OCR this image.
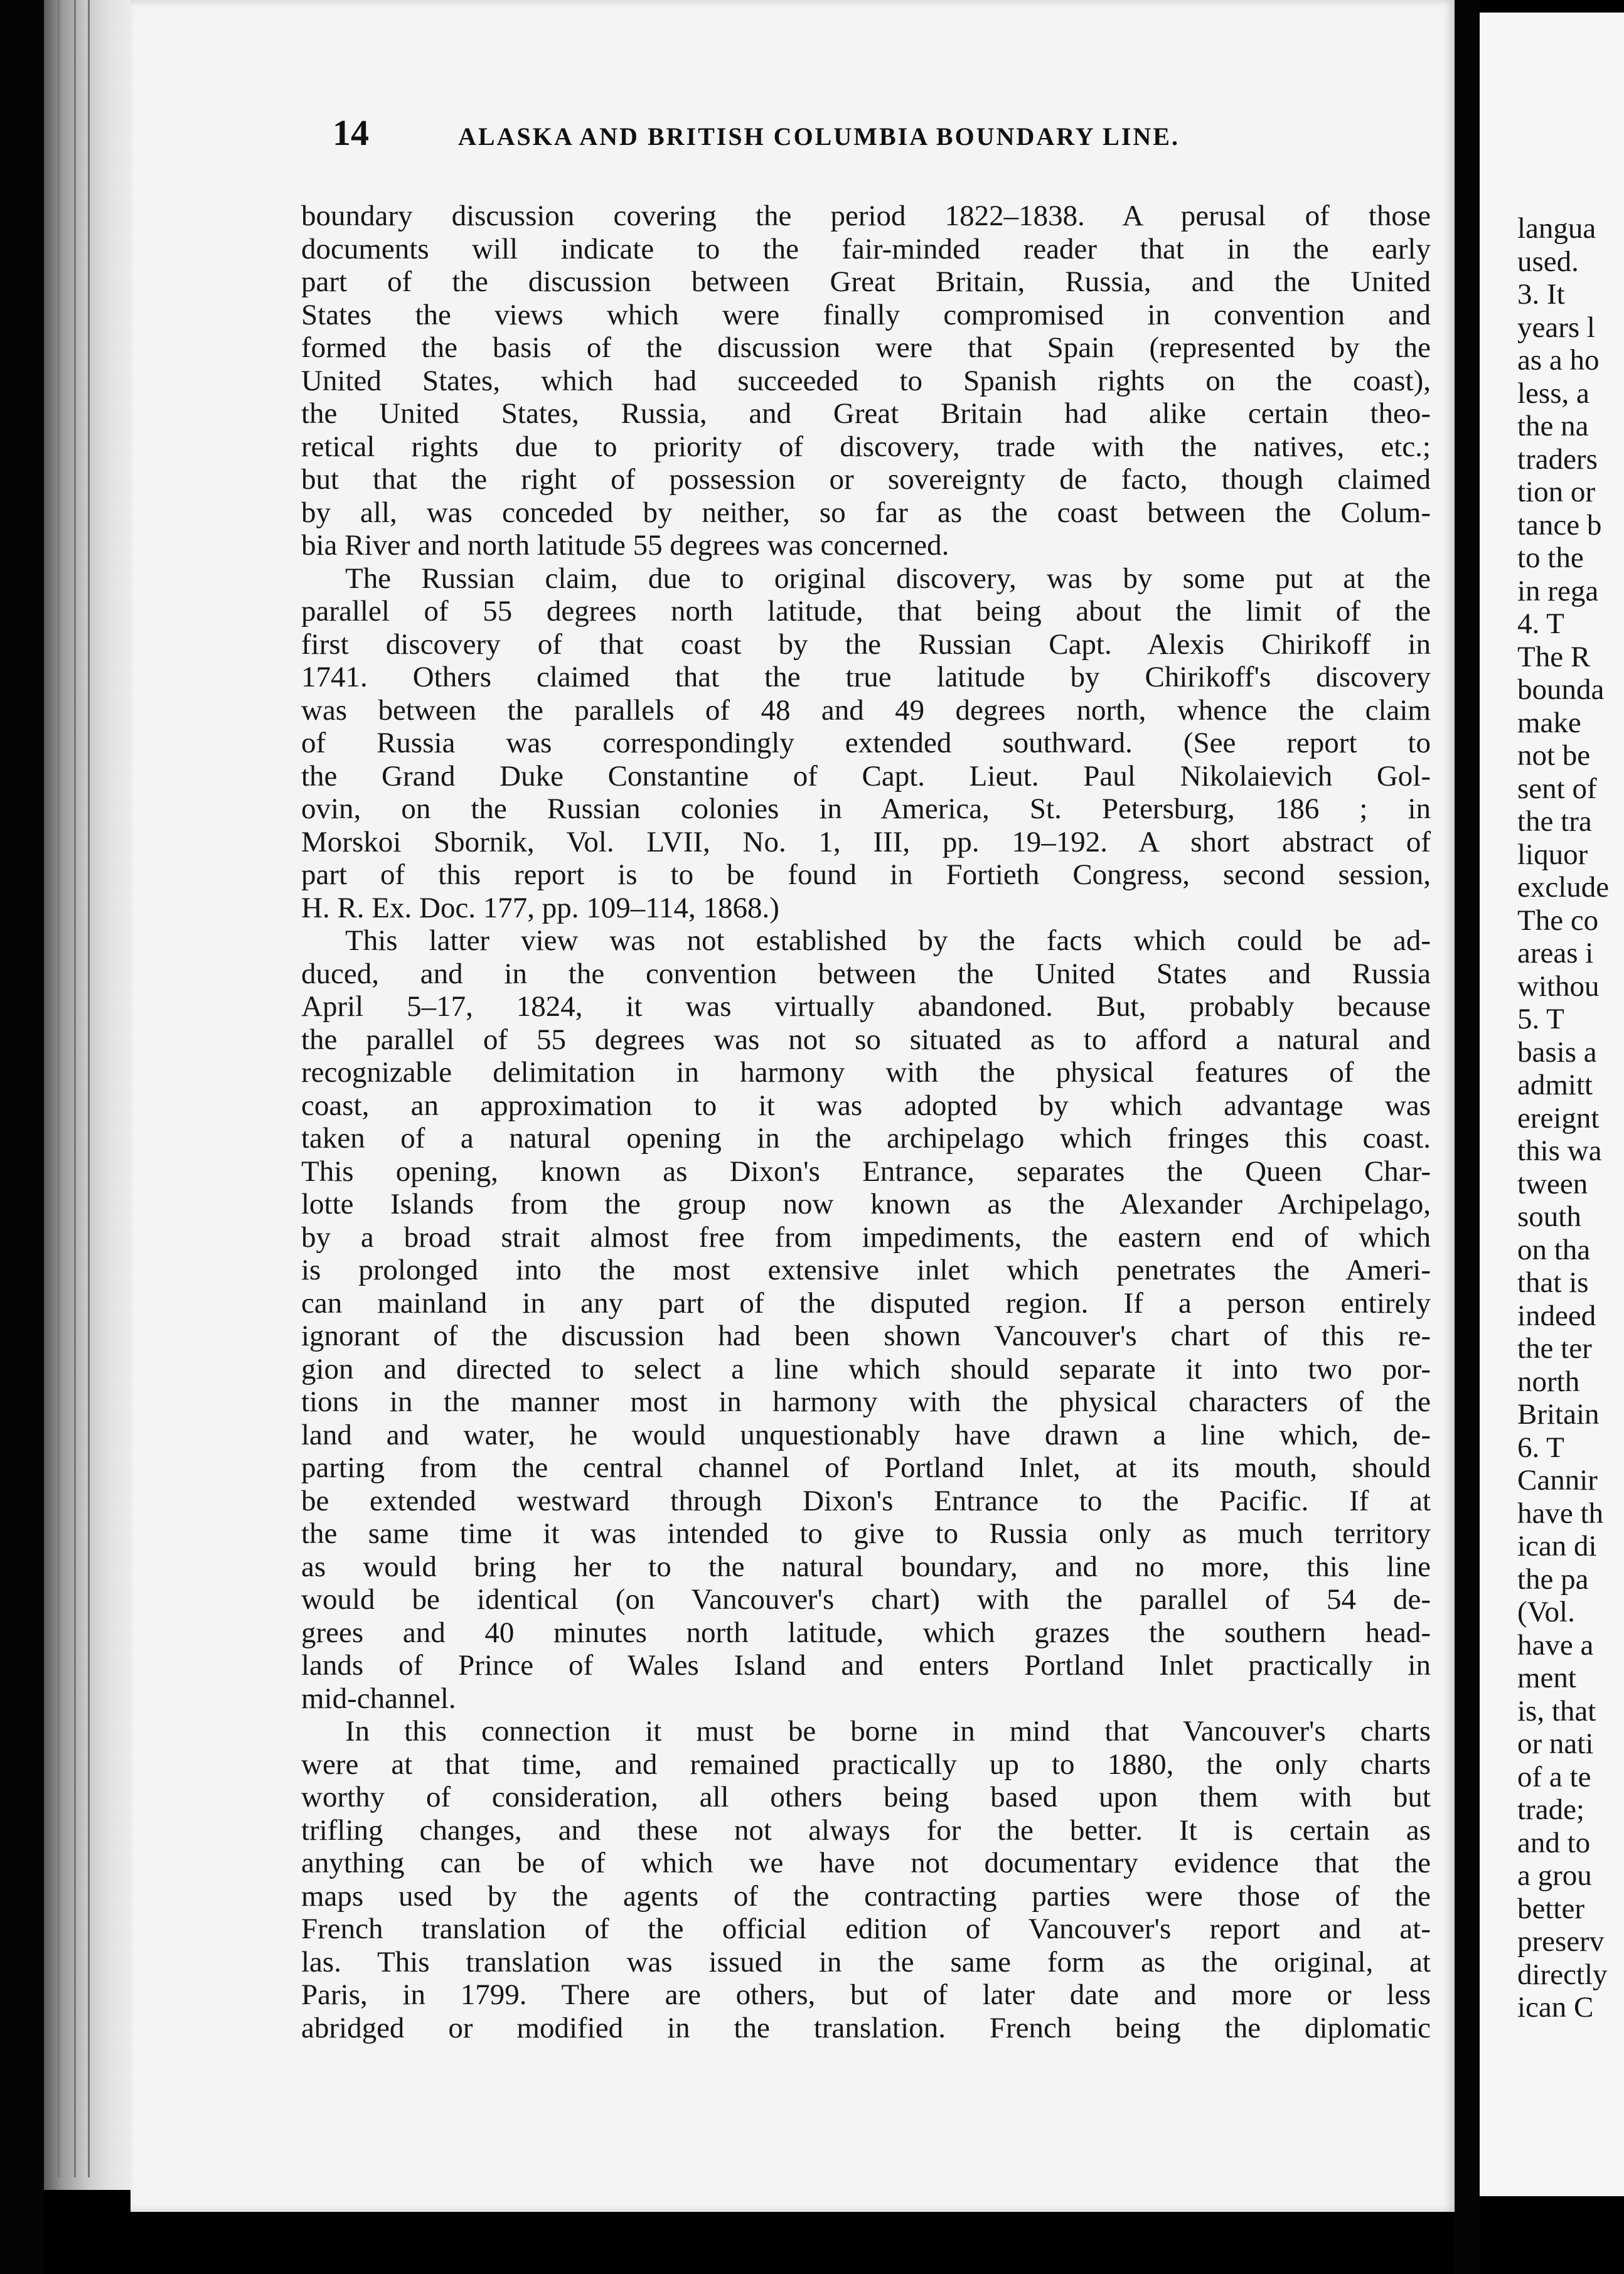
14	ALASKA AND BRITISH COLUMBIA BOUNDARY LINE.
boundary discussion covering the period 1822–1838. A perusal of those
documents will indicate to the fair-minded reader that in the early
part of the discussion between Great Britain, Russia, and the United
States the views which were finally compromised in convention and
formed the basis of the discussion were that Spain (represented by the
United States, which had succeeded to Spanish rights on the coast),
the United States, Russia, and Great Britain had alike certain theo-
retical rights due to priority of discovery, trade with the natives, etc.;
but that the right of possession or sovereignty de facto, though claimed
by all, was conceded by neither, so far as the coast between the Colum-
bia River and north latitude 55 degrees was concerned.
The Russian claim, due to original discovery, was by some put at the
parallel of 55 degrees north latitude, that being about the limit of the
first discovery of that coast by the Russian Capt. Alexis Chirikoff in
1741. Others claimed that the true latitude by Chirikoff's discovery
was between the parallels of 48 and 49 degrees north, whence the claim
of Russia was correspondingly extended southward. (See report to
the Grand Duke Constantine of Capt. Lieut. Paul Nikolaievich Gol-
ovin, on the Russian colonies in America, St. Petersburg, 186 ; in
Morskoi Sbornik, Vol. LVII, No. 1, III, pp. 19–192. A short abstract of
part of this report is to be found in Fortieth Congress, second session,
H. R. Ex. Doc. 177, pp. 109–114, 1868.)
This latter view was not established by the facts which could be ad-
duced, and in the convention between the United States and Russia
April 5–17, 1824, it was virtually abandoned. But, probably because
the parallel of 55 degrees was not so situated as to afford a natural and
recognizable delimitation in harmony with the physical features of the
coast, an approximation to it was adopted by which advantage was
taken of a natural opening in the archipelago which fringes this coast.
This opening, known as Dixon's Entrance, separates the Queen Char-
lotte Islands from the group now known as the Alexander Archipelago,
by a broad strait almost free from impediments, the eastern end of which
is prolonged into the most extensive inlet which penetrates the Ameri-
can mainland in any part of the disputed region. If a person entirely
ignorant of the discussion had been shown Vancouver's chart of this re-
gion and directed to select a line which should separate it into two por-
tions in the manner most in harmony with the physical characters of the
land and water, he would unquestionably have drawn a line which, de-
parting from the central channel of Portland Inlet, at its mouth, should
be extended westward through Dixon's Entrance to the Pacific. If at
the same time it was intended to give to Russia only as much territory
as would bring her to the natural boundary, and no more, this line
would be identical (on Vancouver's chart) with the parallel of 54 de-
grees and 40 minutes north latitude, which grazes the southern head-
lands of Prince of Wales Island and enters Portland Inlet practically in
mid-channel.
In this connection it must be borne in mind that Vancouver's charts
were at that time, and remained practically up to 1880, the only charts
worthy of consideration, all others being based upon them with but
trifling changes, and these not always for the better. It is certain as
anything can be of which we have not documentary evidence that the
maps used by the agents of the contracting parties were those of the
French translation of the official edition of Vancouver's report and at-
las. This translation was issued in the same form as the original, at
Paris, in 1799. There are others, but of later date and more or less
abridged or modified in the translation. French being the diplomatic
langua
used.
3. It
years l
as a ho
less, a
the na
traders
tion or
tance b
to the
in rega
4. T
The R
bounda
make
not be
sent of
the tra
liquor
exclude
The co
areas i
withou
5. T
basis a
admitt
ereignt
this wa
tween
south
on tha
that is
indeed
the ter
north
Britain
6. T
Cannir
have th
ican di
the pa
(Vol.
have a
ment
is, that
or nati
of a te
trade;
and to
a grou
better
preserv
directly
ican C
